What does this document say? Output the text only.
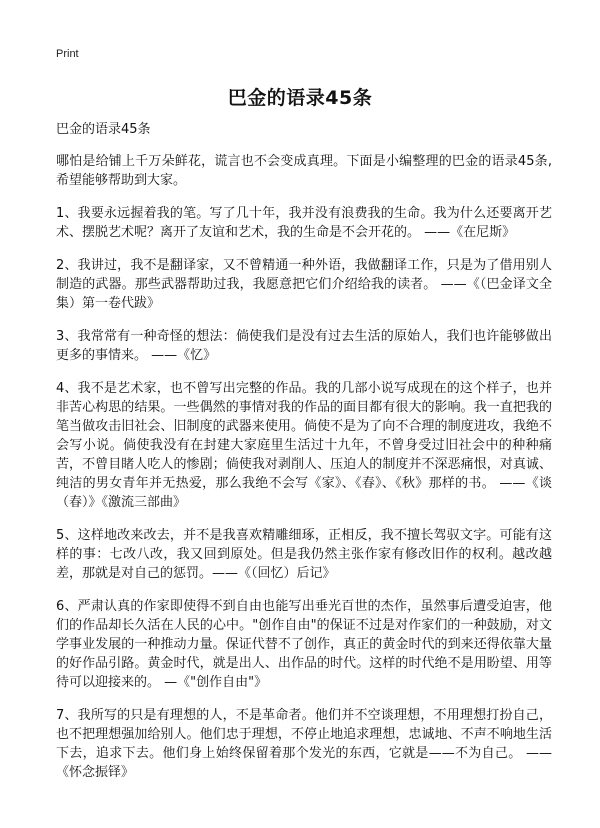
Print
巴金的语录45条

巴金的语录45条

哪怕是给铺上千万朵鲜花，谎言也不会变成真理。下面是小编整理的巴金的语录45条,希望能够帮助到大家。

1、我要永远握着我的笔。写了几十年，我并没有浪费我的生命。我为什么还要离开艺术、摆脱艺术呢？离开了友谊和艺术，我的生命是不会开花的。 ——《在尼斯》

2、我讲过，我不是翻译家，又不曾精通一种外语，我做翻译工作，只是为了借用别人制造的武器。那些武器帮助过我，我愿意把它们介绍给我的读者。 ——《（巴金译文全集）第一卷代跋》

3、我常常有一种奇怪的想法：倘使我们是没有过去生活的原始人，我们也许能够做出更多的事情来。 ——《忆》

4、我不是艺术家，也不曾写出完整的作品。我的几部小说写成现在的这个样子，也并非苦心构思的结果。一些偶然的事情对我的作品的面目都有很大的影响。我一直把我的笔当做攻击旧社会、旧制度的武器来使用。倘使不是为了向不合理的制度进攻，我绝不会写小说。倘使我没有在封建大家庭里生活过十九年，不曾身受过旧社会中的种种痛苦，不曾目睹人吃人的惨剧；倘使我对剥削人、压迫人的制度并不深恶痛恨，对真诚、纯洁的男女青年并无热爱，那么我绝不会写《家》、《春》、《秋》那样的书。 ——《谈（春）》《激流三部曲》

5、这样地改来改去，并不是我喜欢精雕细琢，正相反，我不擅长驾驭文字。可能有这样的事：七改八改，我又回到原处。但是我仍然主张作家有修改旧作的权利。越改越差，那就是对自己的惩罚。——《（回忆）后记》

6、严肃认真的作家即使得不到自由也能写出垂光百世的杰作，虽然事后遭受迫害，他们的作品却长久活在人民的心中。"创作自由"的保证不过是对作家们的一种鼓励，对文学事业发展的一种推动力量。保证代替不了创作，真正的黄金时代的到来还得依靠大量的好作品引路。黄金时代，就是出人、出作品的时代。这样的时代绝不是用盼望、用等待可以迎接来的。 —《"创作自由"》

7、我所写的只是有理想的人，不是革命者。他们并不空谈理想，不用理想打扮自己，也不把理想强加给别人。他们忠于理想，不停止地追求理想，忠诚地、不声不响地生活下去，追求下去。他们身上始终保留着那个发光的东西，它就是——不为自己。 ——《怀念振铎》
